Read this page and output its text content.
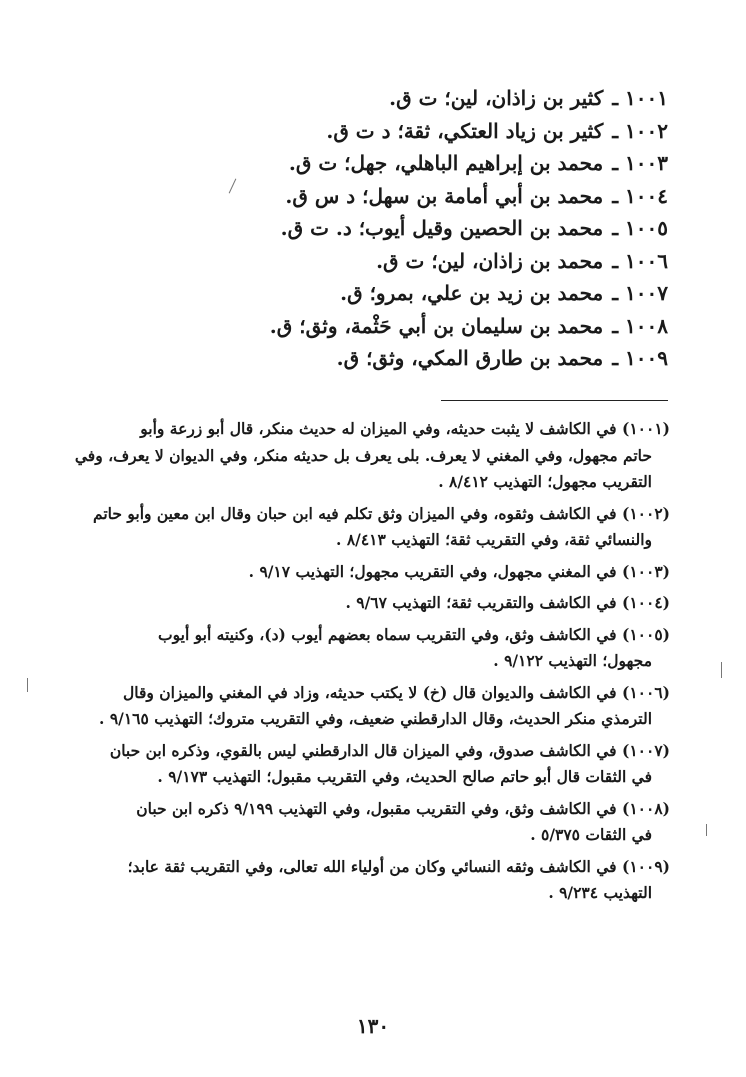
١٠٠١ ـ كثير بن زاذان، لين؛ ت ق.
١٠٠٢ ـ كثير بن زياد العتكي، ثقة؛ د ت ق.
١٠٠٣ ـ محمد بن إبراهيم الباهلي، جهل؛ ت ق.
١٠٠٤ ـ محمد بن أبي أمامة بن سهل؛ د س ق.
١٠٠٥ ـ محمد بن الحصين وقيل أيوب؛ د. ت ق.
١٠٠٦ ـ محمد بن زاذان، لين؛ ت ق.
١٠٠٧ ـ محمد بن زيد بن علي، بمرو؛ ق.
١٠٠٨ ـ محمد بن سليمان بن أبي حَثْمة، وثق؛ ق.
١٠٠٩ ـ محمد بن طارق المكي، وثق؛ ق.
(١٠٠١) في الكاشف لا يثبت حديثه، وفي الميزان له حديث منكر، قال أبو زرعة وأبو
حاتم مجهول، وفي المغني لا يعرف. بلى يعرف بل حديثه منكر، وفي الديوان لا يعرف، وفي التقريب مجهول؛ التهذيب ٨/٤١٢ .
(١٠٠٢) في الكاشف وثقوه، وفي الميزان وثق تكلم فيه ابن حبان وقال ابن معين وأبو حاتم
والنسائي ثقة، وفي التقريب ثقة؛ التهذيب ٨/٤١٣ .
(١٠٠٣) في المغني مجهول، وفي التقريب مجهول؛ التهذيب ٩/١٧ .
(١٠٠٤) في الكاشف والتقريب ثقة؛ التهذيب ٩/٦٧ .
(١٠٠٥) في الكاشف وثق، وفي التقريب سماه بعضهم أيوب (د)، وكنيته أبو أيوب
مجهول؛ التهذيب ٩/١٢٢ .
(١٠٠٦) في الكاشف والديوان قال (خ) لا يكتب حديثه، وزاد في المغني والميزان وقال
الترمذي منكر الحديث، وقال الدارقطني ضعيف، وفي التقريب متروك؛ التهذيب ٩/١٦٥ .
(١٠٠٧) في الكاشف صدوق، وفي الميزان قال الدارقطني ليس بالقوي، وذكره ابن حبان
في الثقات قال أبو حاتم صالح الحديث، وفي التقريب مقبول؛ التهذيب ٩/١٧٣ .
(١٠٠٨) في الكاشف وثق، وفي التقريب مقبول، وفي التهذيب ٩/١٩٩ ذكره ابن حبان
في الثقات ٥/٣٧٥ .
(١٠٠٩) في الكاشف وثقه النسائي وكان من أولياء الله تعالى، وفي التقريب ثقة عابد؛
التهذيب ٩/٢٣٤ .
١٣٠
